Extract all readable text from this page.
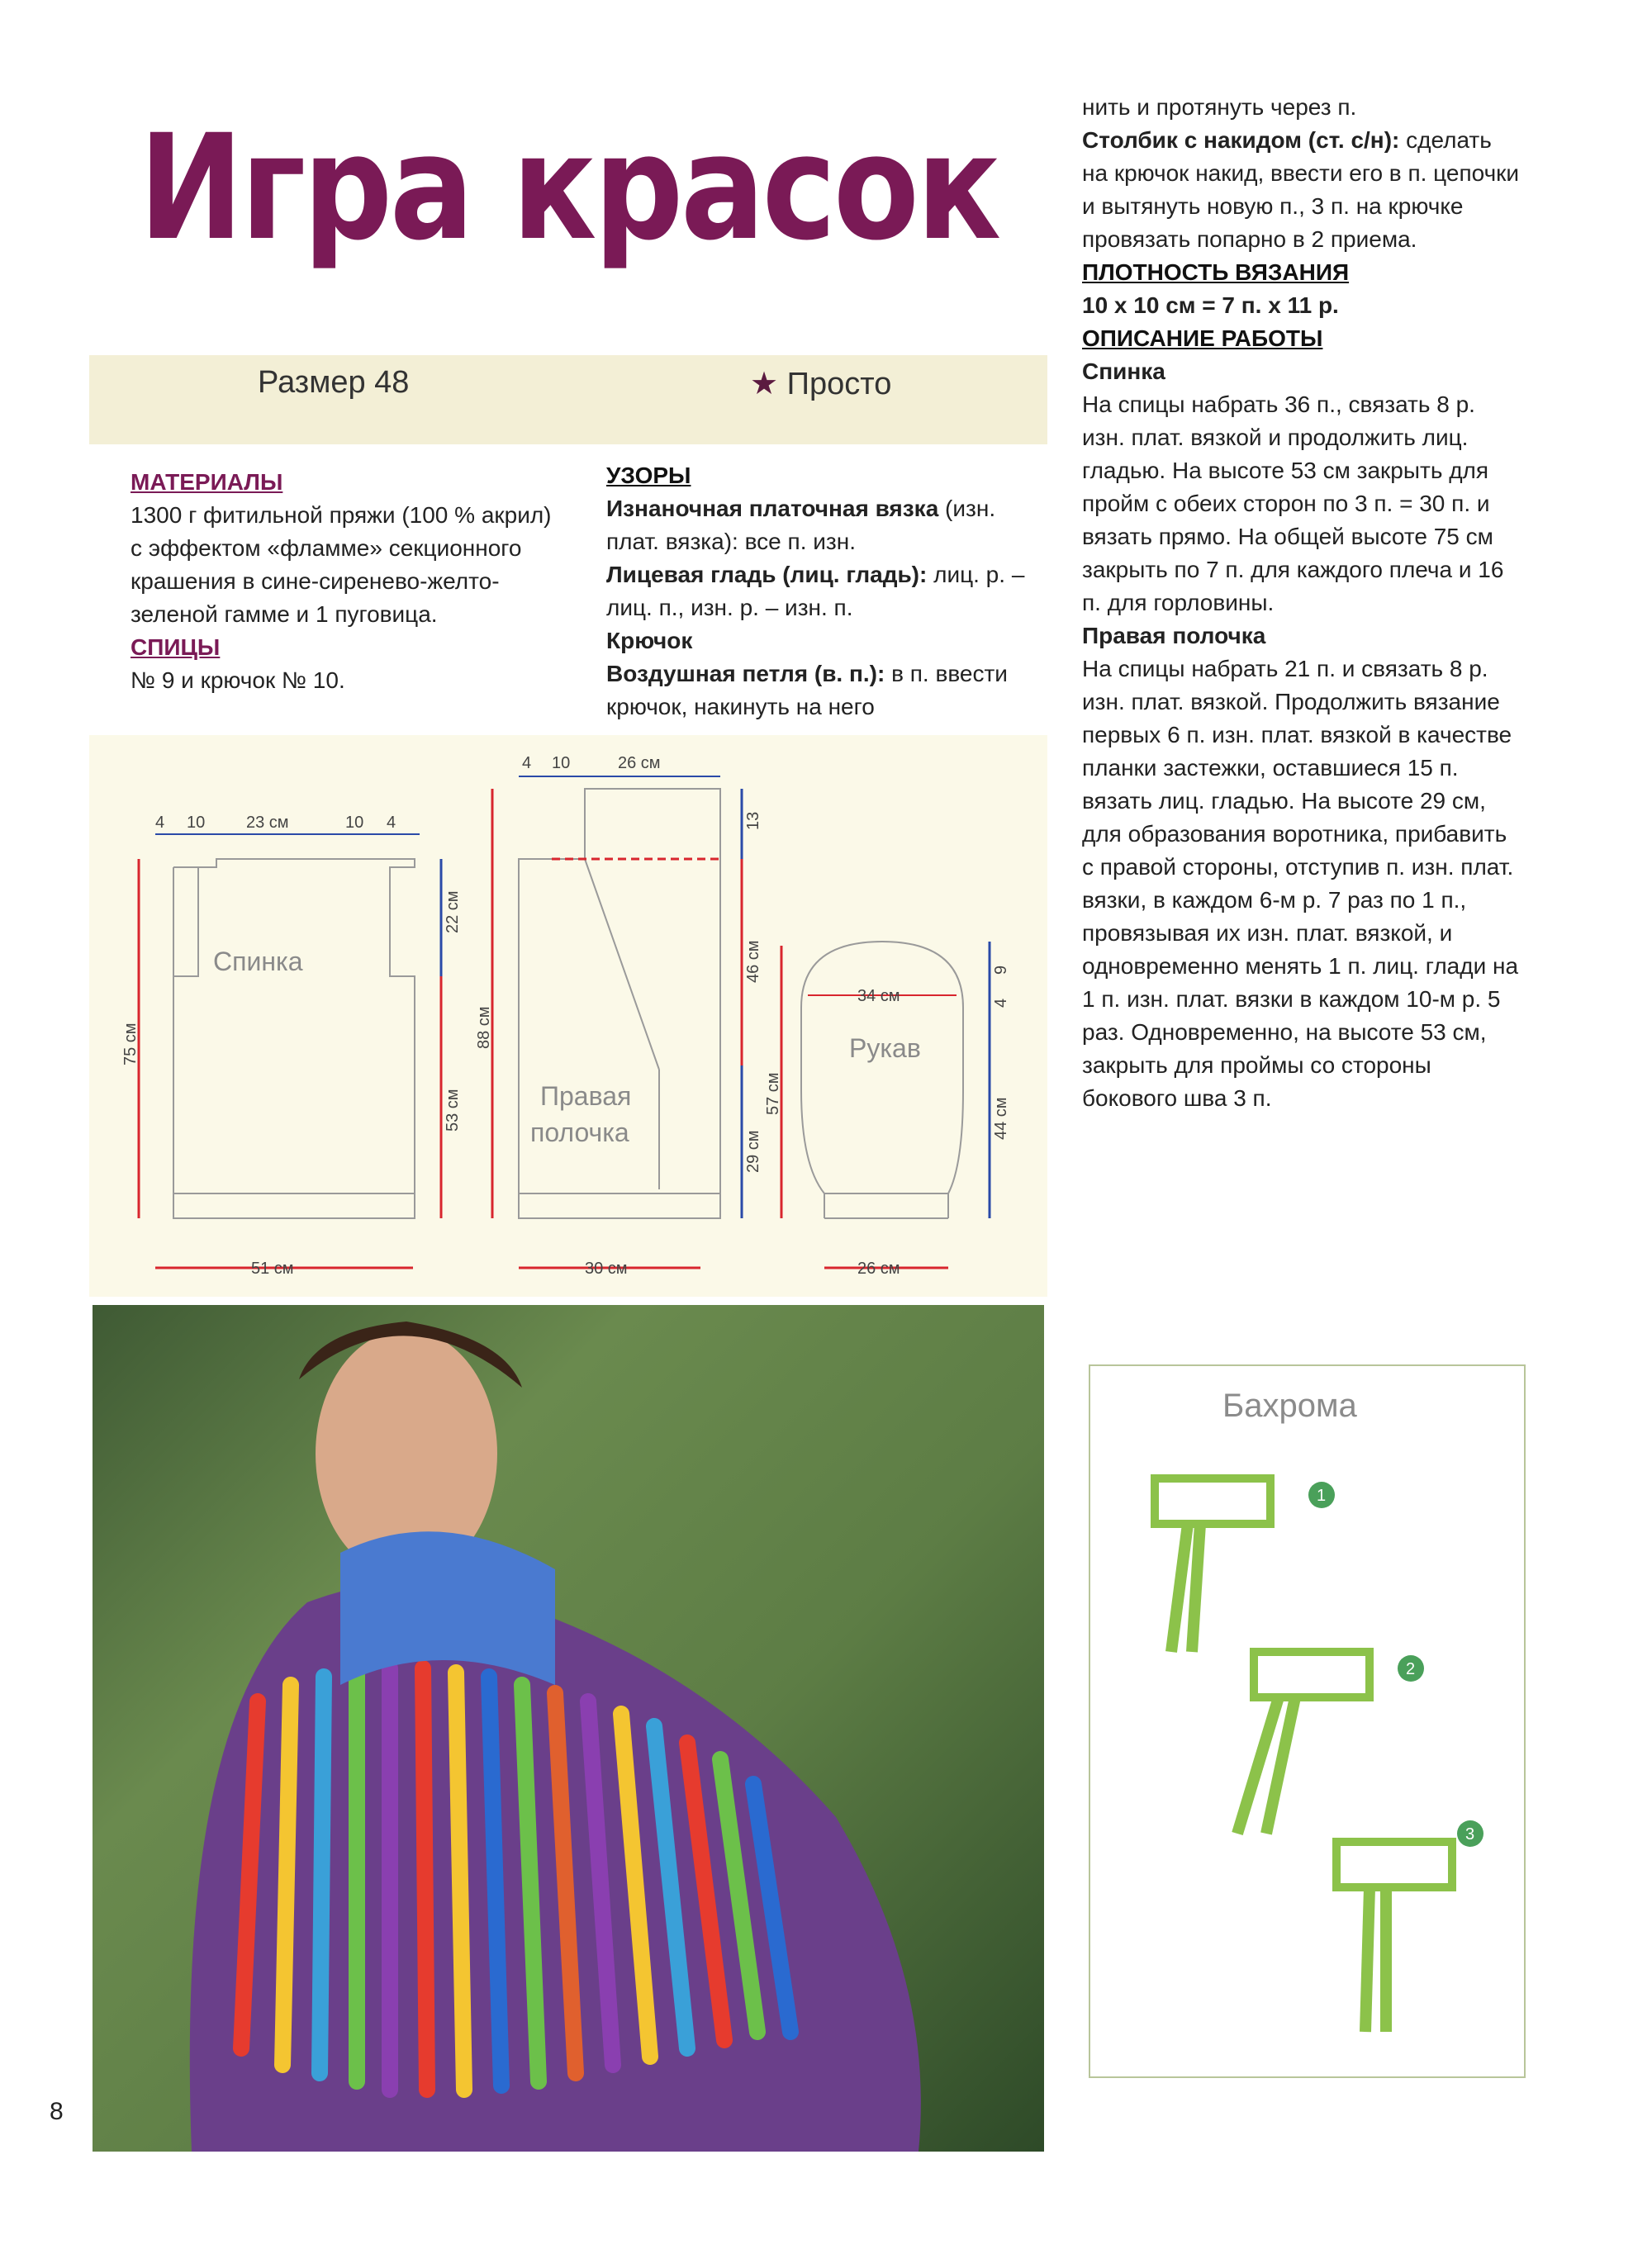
Игра красок
Размер 48	★ Просто
МАТЕРИАЛЫ

1300 г фитильной пряжи (100 % акрил) с эффектом «фламме» секционного крашения в сине-сиренево-желто-зеленой гамме и 1 пуговица.

СПИЦЫ

№ 9 и крючок № 10.

УЗОРЫ

Изнаночная платочная вязка (изн. плат. вязка): все п. изн.

Лицевая гладь (лиц. гладь): лиц. р. – лиц. п., изн. р. – изн. п.

Крючок

Воздушная петля (в. п.): в п. ввести крючок, накинуть на него

нить и протянуть через п.

Столбик с накидом (ст. с/н): сделать на крючок накид, ввести его в п. цепочки и вытянуть новую п., 3 п. на крючке провязать попарно в 2 приема.

ПЛОТНОСТЬ ВЯЗАНИЯ

10 х 10 см = 7 п. х 11 р.

ОПИСАНИЕ РАБОТЫ

Спинка

На спицы набрать 36 п., связать 8 р. изн. плат. вязкой и продолжить лиц. гладью. На высоте 53 см закрыть для пройм с обеих сторон по 3 п. = 30 п. и вязать прямо. На общей высоте 75 см закрыть по 7 п. для каждого плеча и 16 п. для горловины.

Правая полочка

На спицы набрать 21 п. и связать 8 р. изн. плат. вязкой. Продолжить вязание первых 6 п. изн. плат. вязкой в качестве планки застежки, оставшиеся 15 п. вязать лиц. гладью. На высоте 29 см, для образования воротника, прибавить с правой стороны, отступив п. изн. плат. вязки, в каждом 6-м р. 7 раз по 1 п., провязывая их изн. плат. вязкой, и одновременно менять 1 п. лиц. глади на 1 п. изн. плат. вязки в каждом 10-м р. 5 раз. Одновременно, на высоте 53 см, закрыть для проймы со стороны бокового шва 3 п.

Спинка
4 10 23 см	10 4
75 см
22 см
53 см
51 см
Правая
полочка
4 10	26 см
88 см
13
46 см
29 см
30 см
34 см
Рукав
57 см
9
4
44 см
26 см
Бахрома
1
2
3
8
